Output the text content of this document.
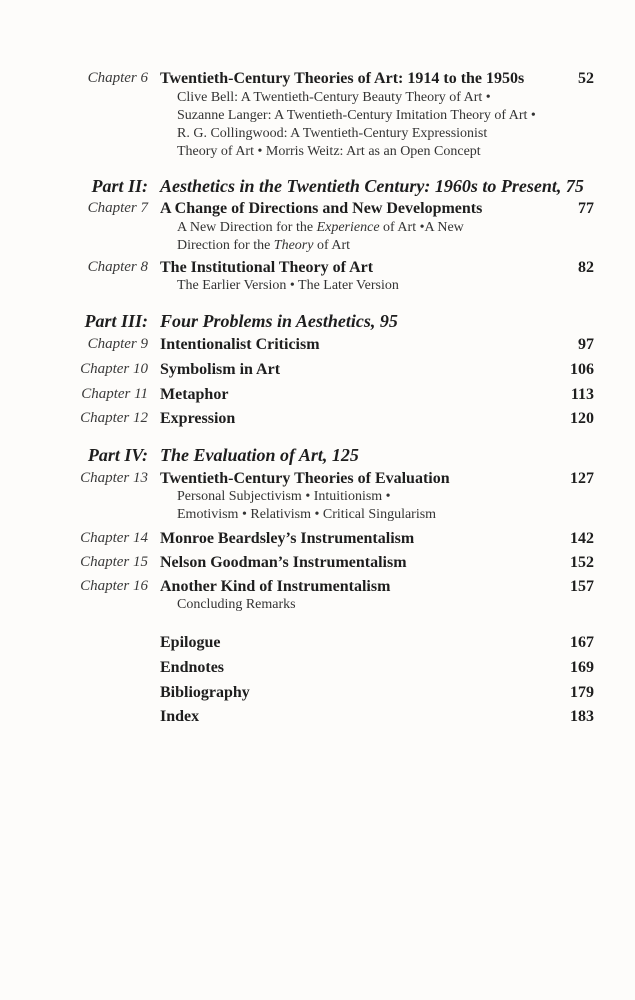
Chapter 6 Twentieth-Century Theories of Art: 1914 to the 1950s	52
Clive Bell: A Twentieth-Century Beauty Theory of Art •
Suzanne Langer: A Twentieth-Century Imitation Theory of Art •
R. G. Collingwood: A Twentieth-Century Expressionist
Theory of Art • Morris Weitz: Art as an Open Concept
Part II: Aesthetics in the Twentieth Century: 1960s to Present, 75
Chapter 7 A Change of Directions and New Developments	77
A New Direction for the Experience of Art •A New
Direction for the Theory of Art
Chapter 8 The Institutional Theory of Art	82
The Earlier Version • The Later Version
Part III: Four Problems in Aesthetics, 95
Chapter 9 Intentionalist Criticism	97
Chapter 10 Symbolism in Art	106
Chapter 11 Metaphor	113
Chapter 12 Expression	120
Part IV: The Evaluation of Art, 125
Chapter 13 Twentieth-Century Theories of Evaluation	127
Personal Subjectivism • Intuitionism •
Emotivism • Relativism • Critical Singularism
Chapter 14 Monroe Beardsley’s Instrumentalism	142
Chapter 15 Nelson Goodman’s Instrumentalism	152
Chapter 16 Another Kind of Instrumentalism	157
Concluding Remarks
Epilogue	167
Endnotes	169
Bibliography	179
Index	183
